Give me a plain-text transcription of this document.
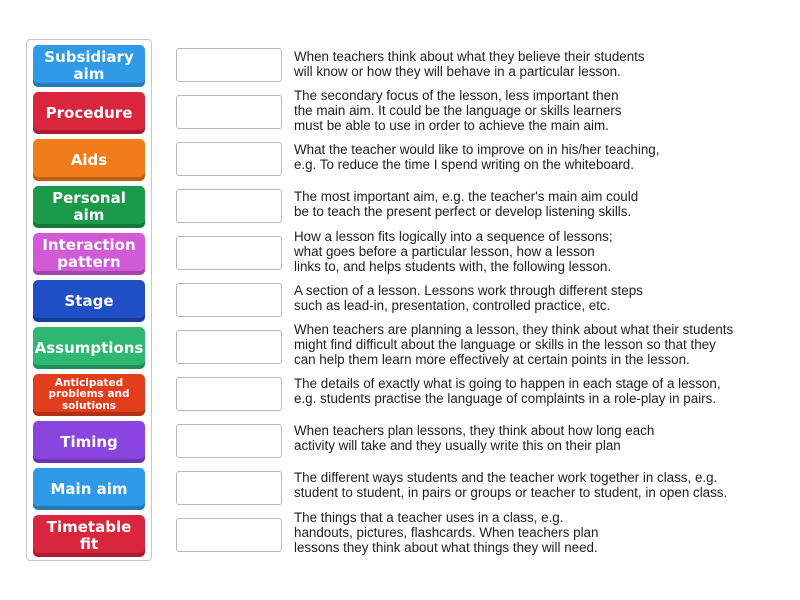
Subsidiary aim
Procedure
Aids
Personal aim
Interaction pattern
Stage
Assumptions
Anticipated problems and solutions
Timing
Main aim
Timetable fit
When teachers think about what they believe their students
will know or how they will behave in a particular lesson.
The secondary focus of the lesson, less important then
the main aim. It could be the language or skills learners
must be able to use in order to achieve the main aim.
What the teacher would like to improve on in his/her teaching,
e.g. To reduce the time I spend writing on the whiteboard.
The most important aim, e.g. the teacher's main aim could
be to teach the present perfect or develop listening skills.
How a lesson fits logically into a sequence of lessons;
what goes before a particular lesson, how a lesson
links to, and helps students with, the following lesson.
A section of a lesson. Lessons work through different steps
such as lead-in, presentation, controlled practice, etc.
When teachers are planning a lesson, they think about what their students
might find difficult about the language or skills in the lesson so that they
can help them learn more effectively at certain points in the lesson.
The details of exactly what is going to happen in each stage of a lesson,
e.g. students practise the language of complaints in a role-play in pairs.
When teachers plan lessons, they think about how long each
activity will take and they usually write this on their plan
The different ways students and the teacher work together in class, e.g.
student to student, in pairs or groups or teacher to student, in open class.
The things that a teacher uses in a class, e.g.
handouts, pictures, flashcards. When teachers plan
lessons they think about what things they will need.
